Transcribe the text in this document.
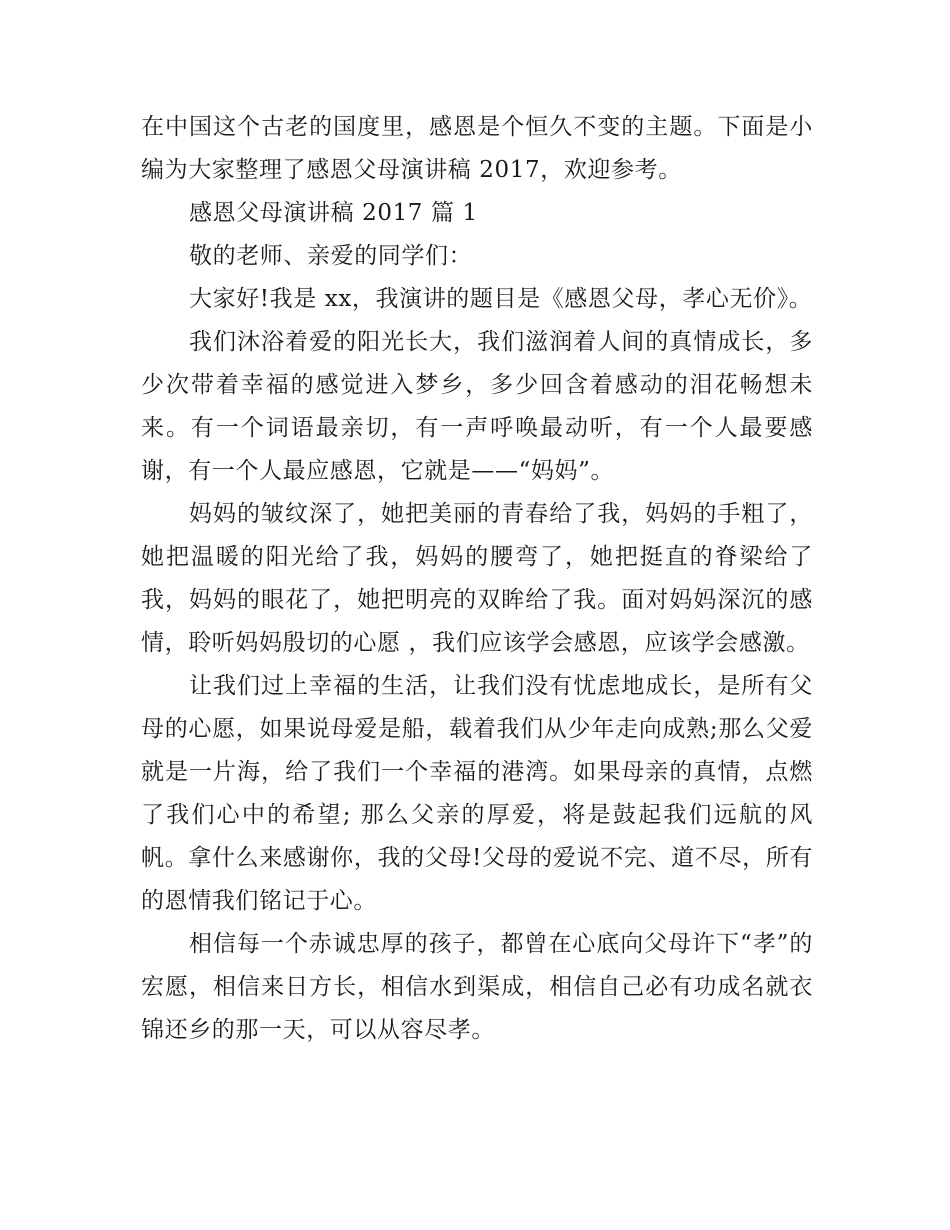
在中国这个古老的国度里，感恩是个恒久不变的主题。下面是小编为大家整理了感恩父母演讲稿 2017，欢迎参考。

感恩父母演讲稿 2017 篇 1

敬的老师、亲爱的同学们：

大家好!我是 xx，我演讲的题目是《感恩父母，孝心无价》。

我们沐浴着爱的阳光长大，我们滋润着人间的真情成长，多少次带着幸福的感觉进入梦乡，多少回含着感动的泪花畅想未来。有一个词语最亲切，有一声呼唤最动听，有一个人最要感谢，有一个人最应感恩，它就是——“妈妈”。

妈妈的皱纹深了，她把美丽的青春给了我，妈妈的手粗了，她把温暖的阳光给了我，妈妈的腰弯了，她把挺直的脊梁给了我，妈妈的眼花了，她把明亮的双眸给了我。面对妈妈深沉的感情，聆听妈妈殷切的心愿 ，我们应该学会感恩，应该学会感激。

让我们过上幸福的生活，让我们没有忧虑地成长，是所有父母的心愿，如果说母爱是船，载着我们从少年走向成熟;那么父爱就是一片海，给了我们一个幸福的港湾。如果母亲的真情，点燃了我们心中的希望; 那么父亲的厚爱，将是鼓起我们远航的风帆。拿什么来感谢你，我的父母!父母的爱说不完、道不尽，所有的恩情我们铭记于心。

相信每一个赤诚忠厚的孩子，都曾在心底向父母许下“孝”的宏愿，相信来日方长，相信水到渠成，相信自己必有功成名就衣锦还乡的那一天，可以从容尽孝。
